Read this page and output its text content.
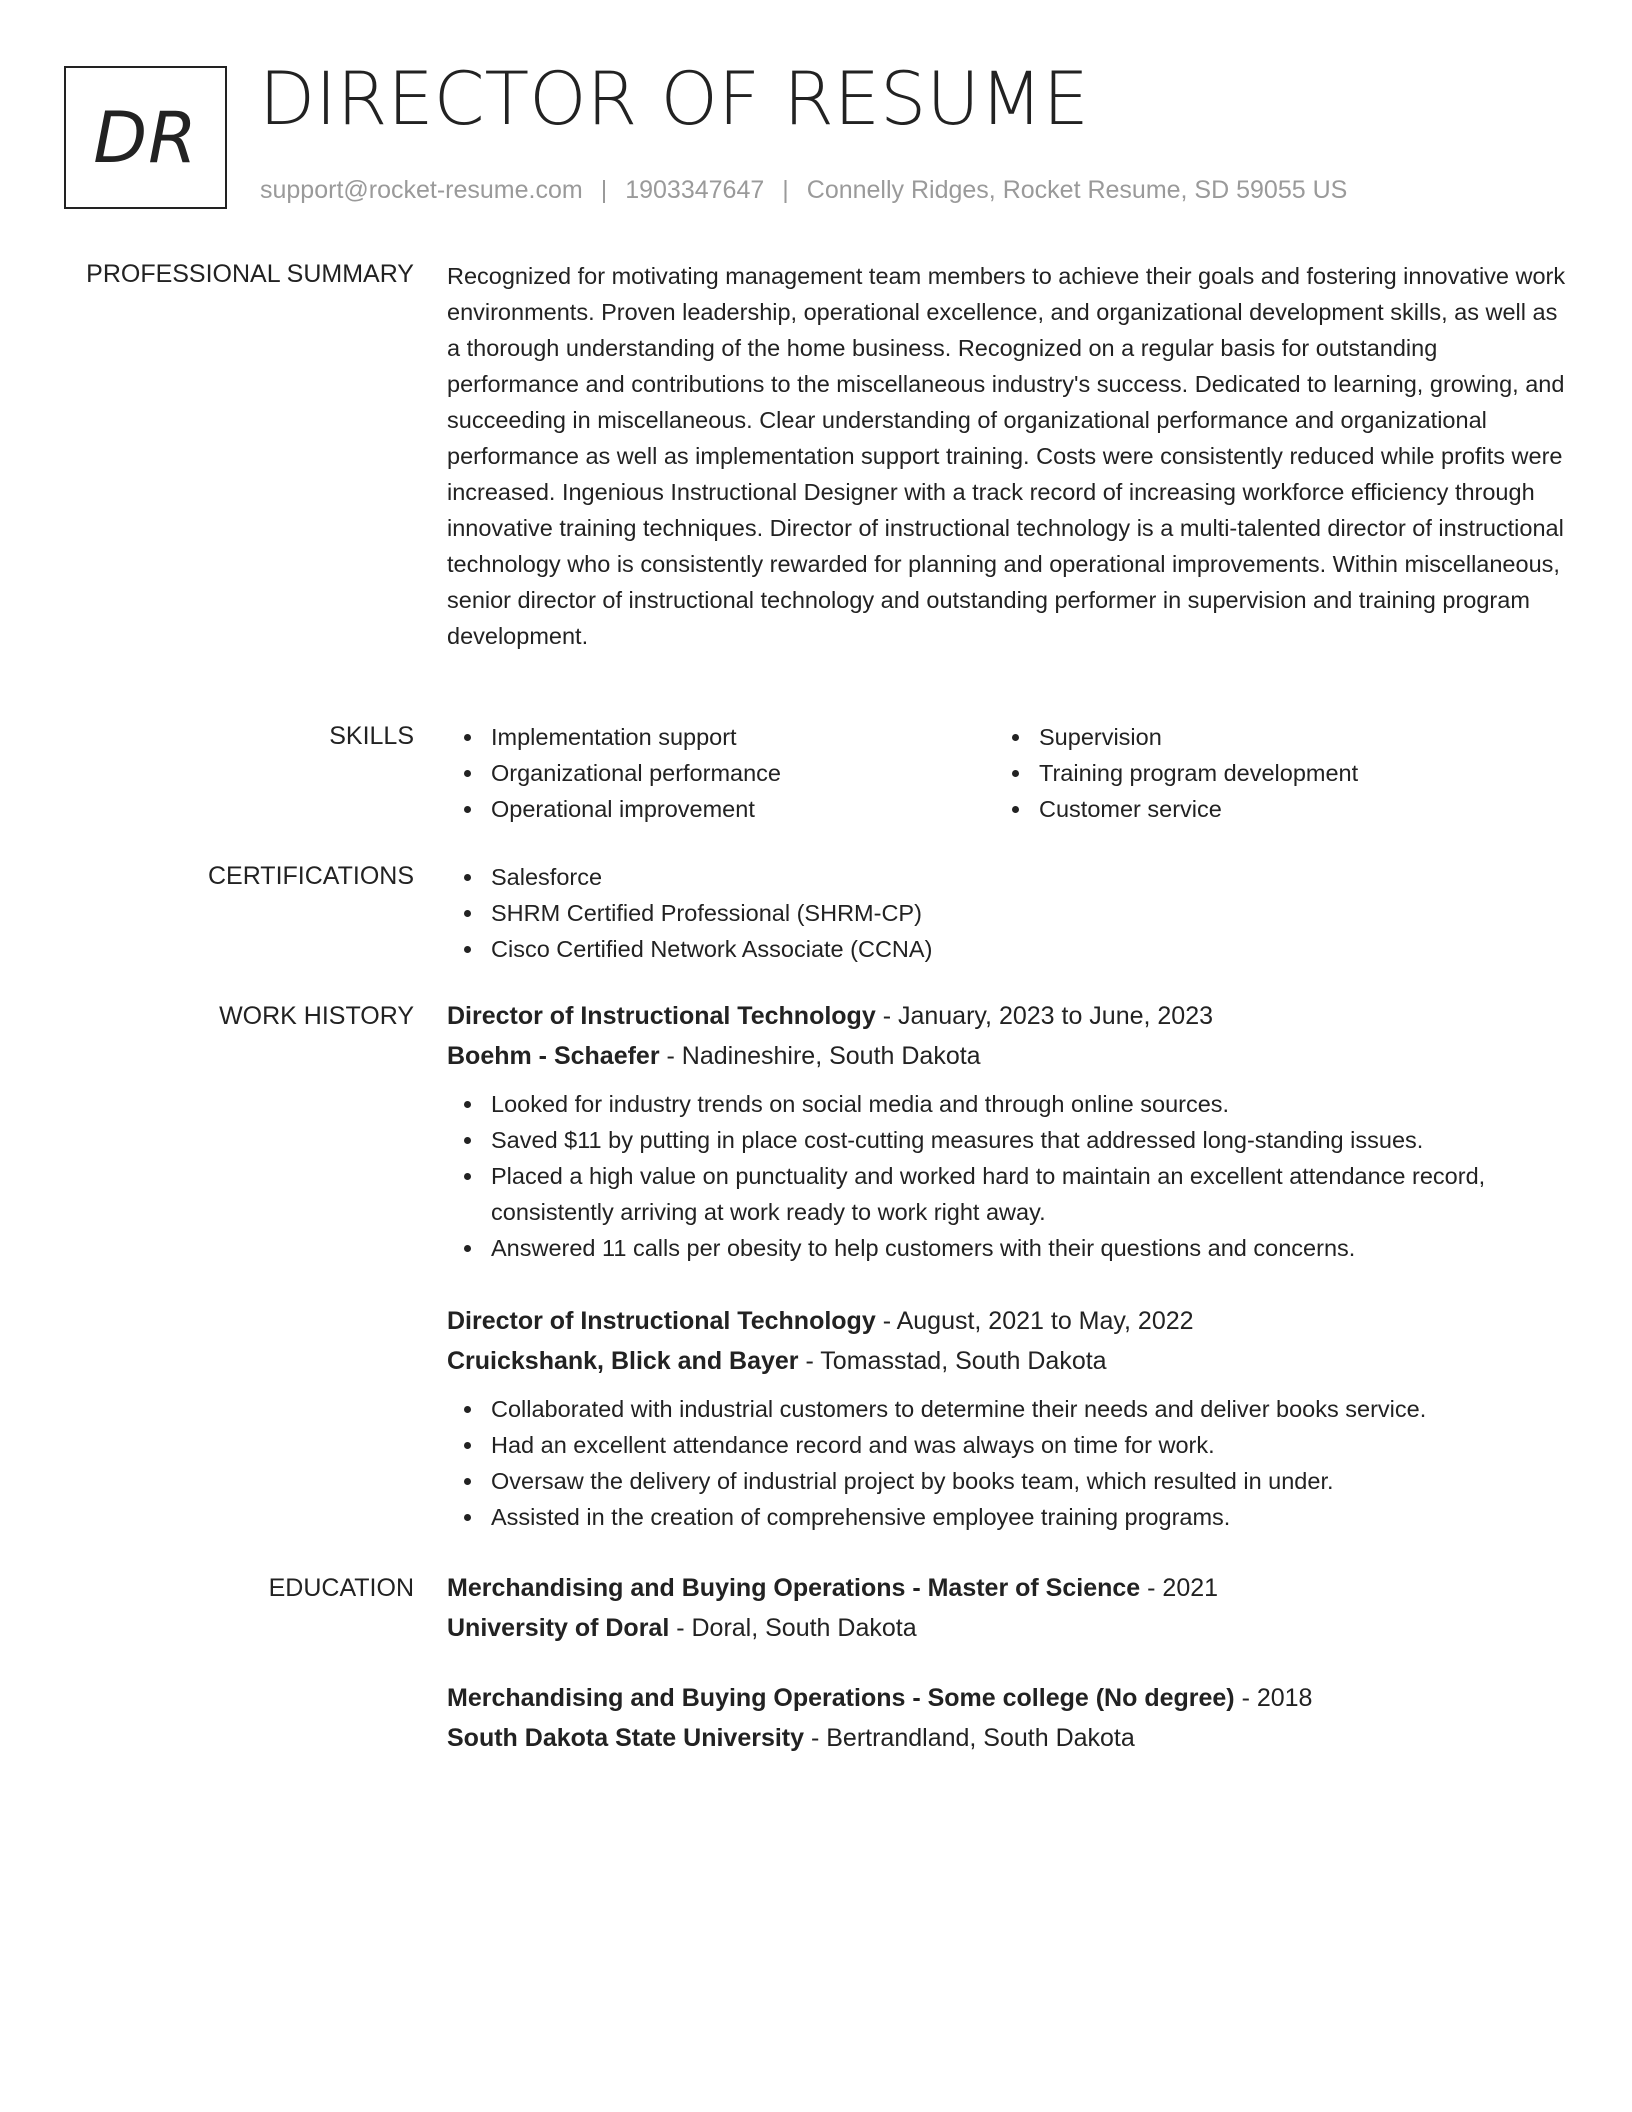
DR DIRECTOR OF RESUME
support@rocket-resume.com | 1903347647 | Connelly Ridges, Rocket Resume, SD 59055 US
PROFESSIONAL SUMMARY Recognized for motivating management team members to achieve their goals and fostering innovative work environments. Proven leadership, operational excellence, and organizational development skills, as well as a thorough understanding of the home business. Recognized on a regular basis for outstanding performance and contributions to the miscellaneous industry's success. Dedicated to learning, growing, and succeeding in miscellaneous. Clear understanding of organizational performance and organizational performance as well as implementation support training. Costs were consistently reduced while profits were increased. Ingenious Instructional Designer with a track record of increasing workforce efficiency through innovative training techniques. Director of instructional technology is a multi-talented director of instructional technology who is consistently rewarded for planning and operational improvements. Within miscellaneous, senior director of instructional technology and outstanding performer in supervision and training program development.
SKILLS	Implementation support
Organizational performance
Operational improvement
Supervision
Training program development
Customer service
CERTIFICATIONS	Salesforce
SHRM Certified Professional (SHRM-CP)
Cisco Certified Network Associate (CCNA)
WORK HISTORY Director of Instructional Technology - January, 2023 to June, 2023
Boehm - Schaefer - Nadineshire, South Dakota
Looked for industry trends on social media and through online sources.
Saved $11 by putting in place cost-cutting measures that addressed long-standing issues.
Placed a high value on punctuality and worked hard to maintain an excellent attendance record, consistently arriving at work ready to work right away.
Answered 11 calls per obesity to help customers with their questions and concerns.
Director of Instructional Technology - August, 2021 to May, 2022
Cruickshank, Blick and Bayer - Tomasstad, South Dakota
Collaborated with industrial customers to determine their needs and deliver books service.
Had an excellent attendance record and was always on time for work.
Oversaw the delivery of industrial project by books team, which resulted in under.
Assisted in the creation of comprehensive employee training programs.
EDUCATION Merchandising and Buying Operations - Master of Science - 2021
University of Doral - Doral, South Dakota
Merchandising and Buying Operations - Some college (No degree) - 2018
South Dakota State University - Bertrandland, South Dakota
